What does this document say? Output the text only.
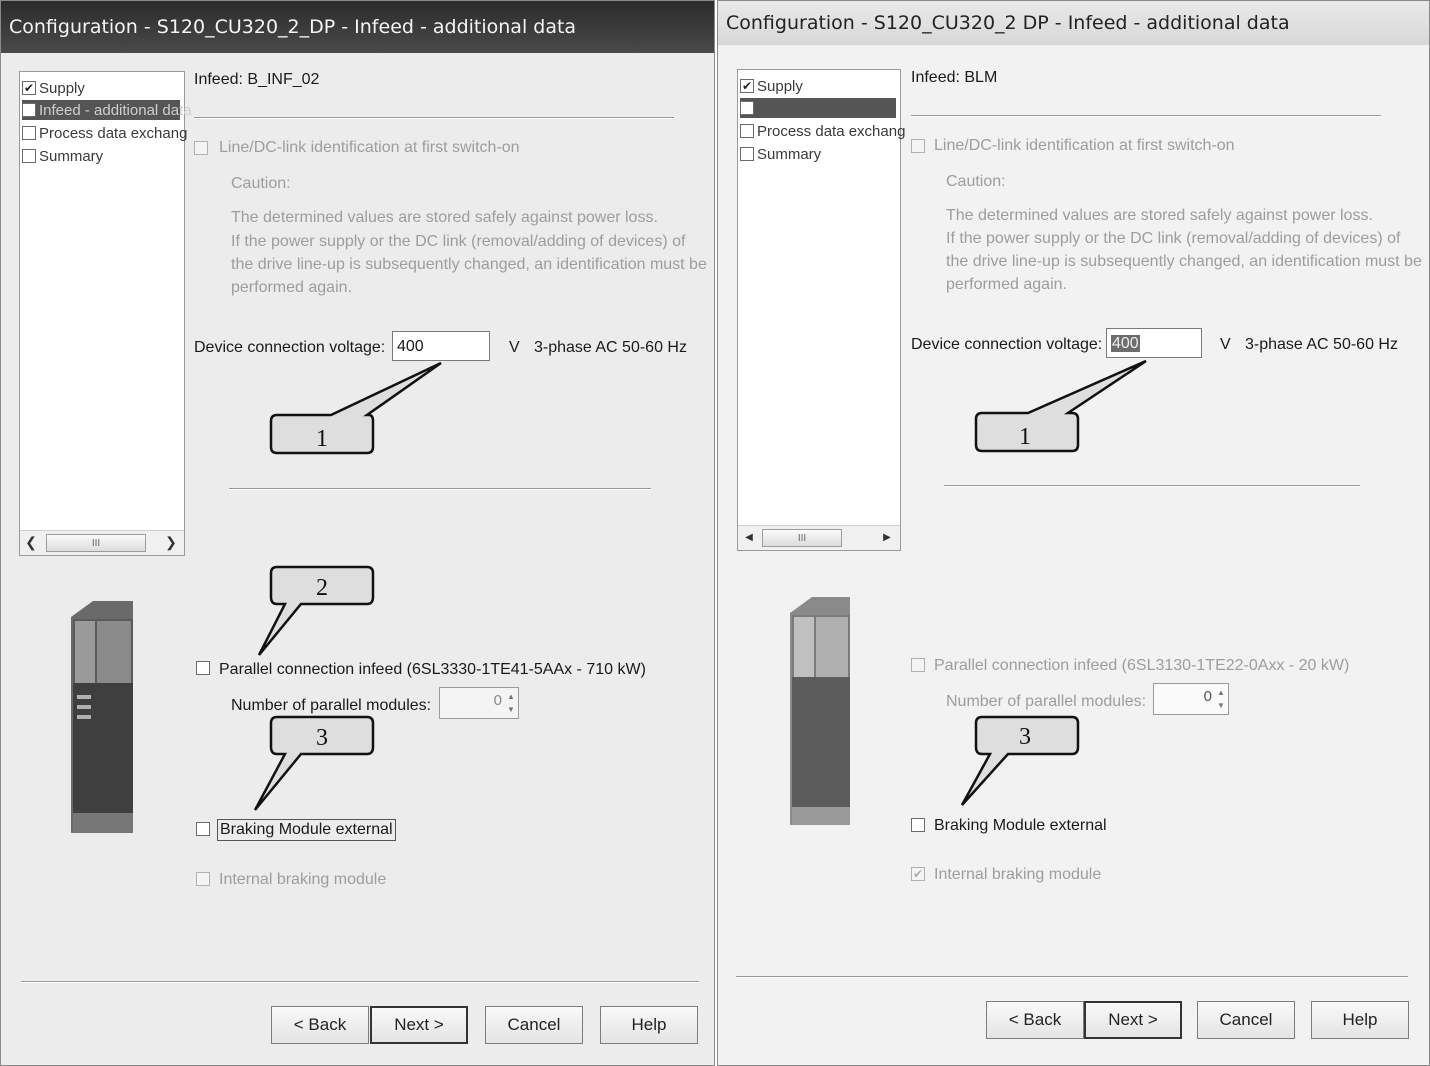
Configuration - S120_CU320_2_DP - Infeed - additional data
✔ Supply
Infeed - additional data
Process data exchang
Summary
❮	III	❯
Infeed: B_INF_02
Line/DC-link identification at first switch-on
Caution:
The determined values are stored safely against power loss.
If the power supply or the DC link (removal/adding of devices) of
the drive line-up is subsequently changed, an identification must be
performed again.
Device connection voltage: 400	V 3-phase AC 50-60 Hz
1
2
3
Parallel connection infeed (6SL3330-1TE41-5AAx - 710 kW)
Number of parallel modules:	0 ▲
▼
Braking Module external
Internal braking module
< Back	Next >	Cancel	Help
Configuration - S120_CU320_2 DP - Infeed - additional data
✔ Supply
Process data exchang
Summary
◀	III	▶
Infeed: BLM
Line/DC-link identification at first switch-on
Caution:
The determined values are stored safely against power loss.
If the power supply or the DC link (removal/adding of devices) of
the drive line-up is subsequently changed, an identification must be
performed again.
Device connection voltage: 400	V 3-phase AC 50-60 Hz
1
3
Parallel connection infeed (6SL3130-1TE22-0Axx - 20 kW)
Number of parallel modules:	0 ▲
▼
Braking Module external
✔ Internal braking module
< Back	Next >	Cancel	Help
